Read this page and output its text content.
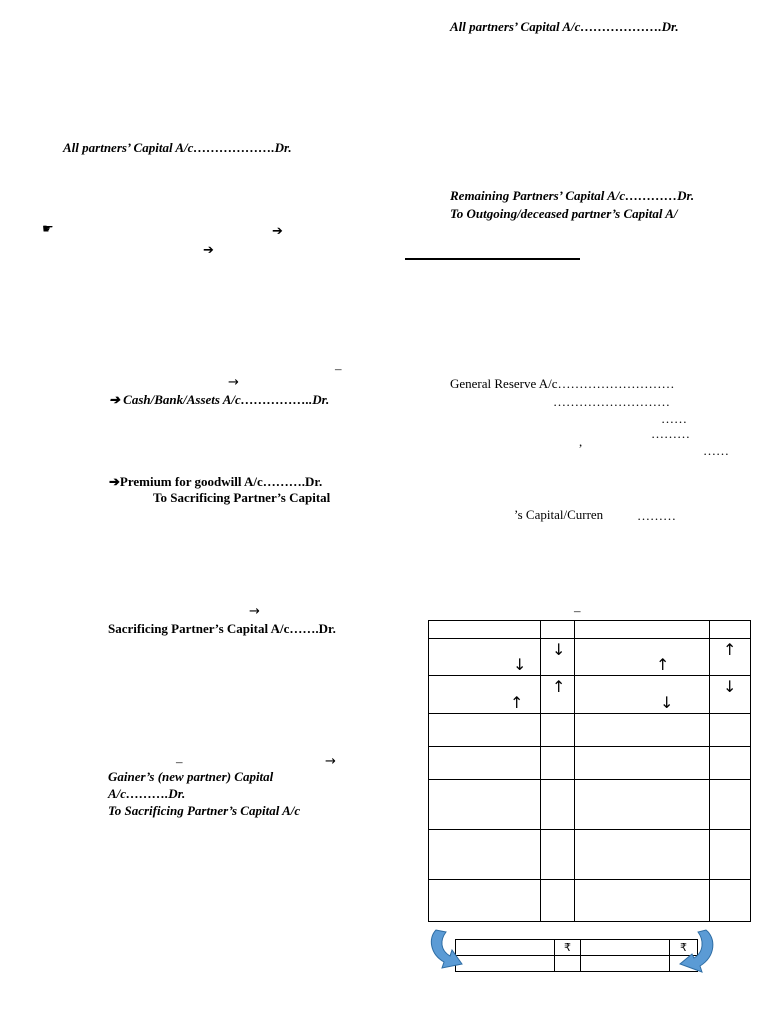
All partners’ Capital A/c……………….Dr.
☛	➔
➔
–
→
➔ Cash/Bank/Assets A/c……………..Dr.
➔Premium for goodwill A/c……….Dr.
To Sacrificing Partner’s Capital
→
Sacrificing Partner’s Capital A/c…….Dr.
–	→
Gainer’s (new partner) Capital
A/c……….Dr.
To Sacrificing Partner’s Capital A/c
All partners’ Capital A/c……………….Dr.
Remaining Partners’ Capital A/c…………Dr.
To Outgoing/deceased partner’s Capital A/
General Reserve A/c………………………
………………………
……
………
,
……
’s Capital/Curren	………
–

↓	↓	↑	↑

↑	↑	↓	↓

	₹		₹
